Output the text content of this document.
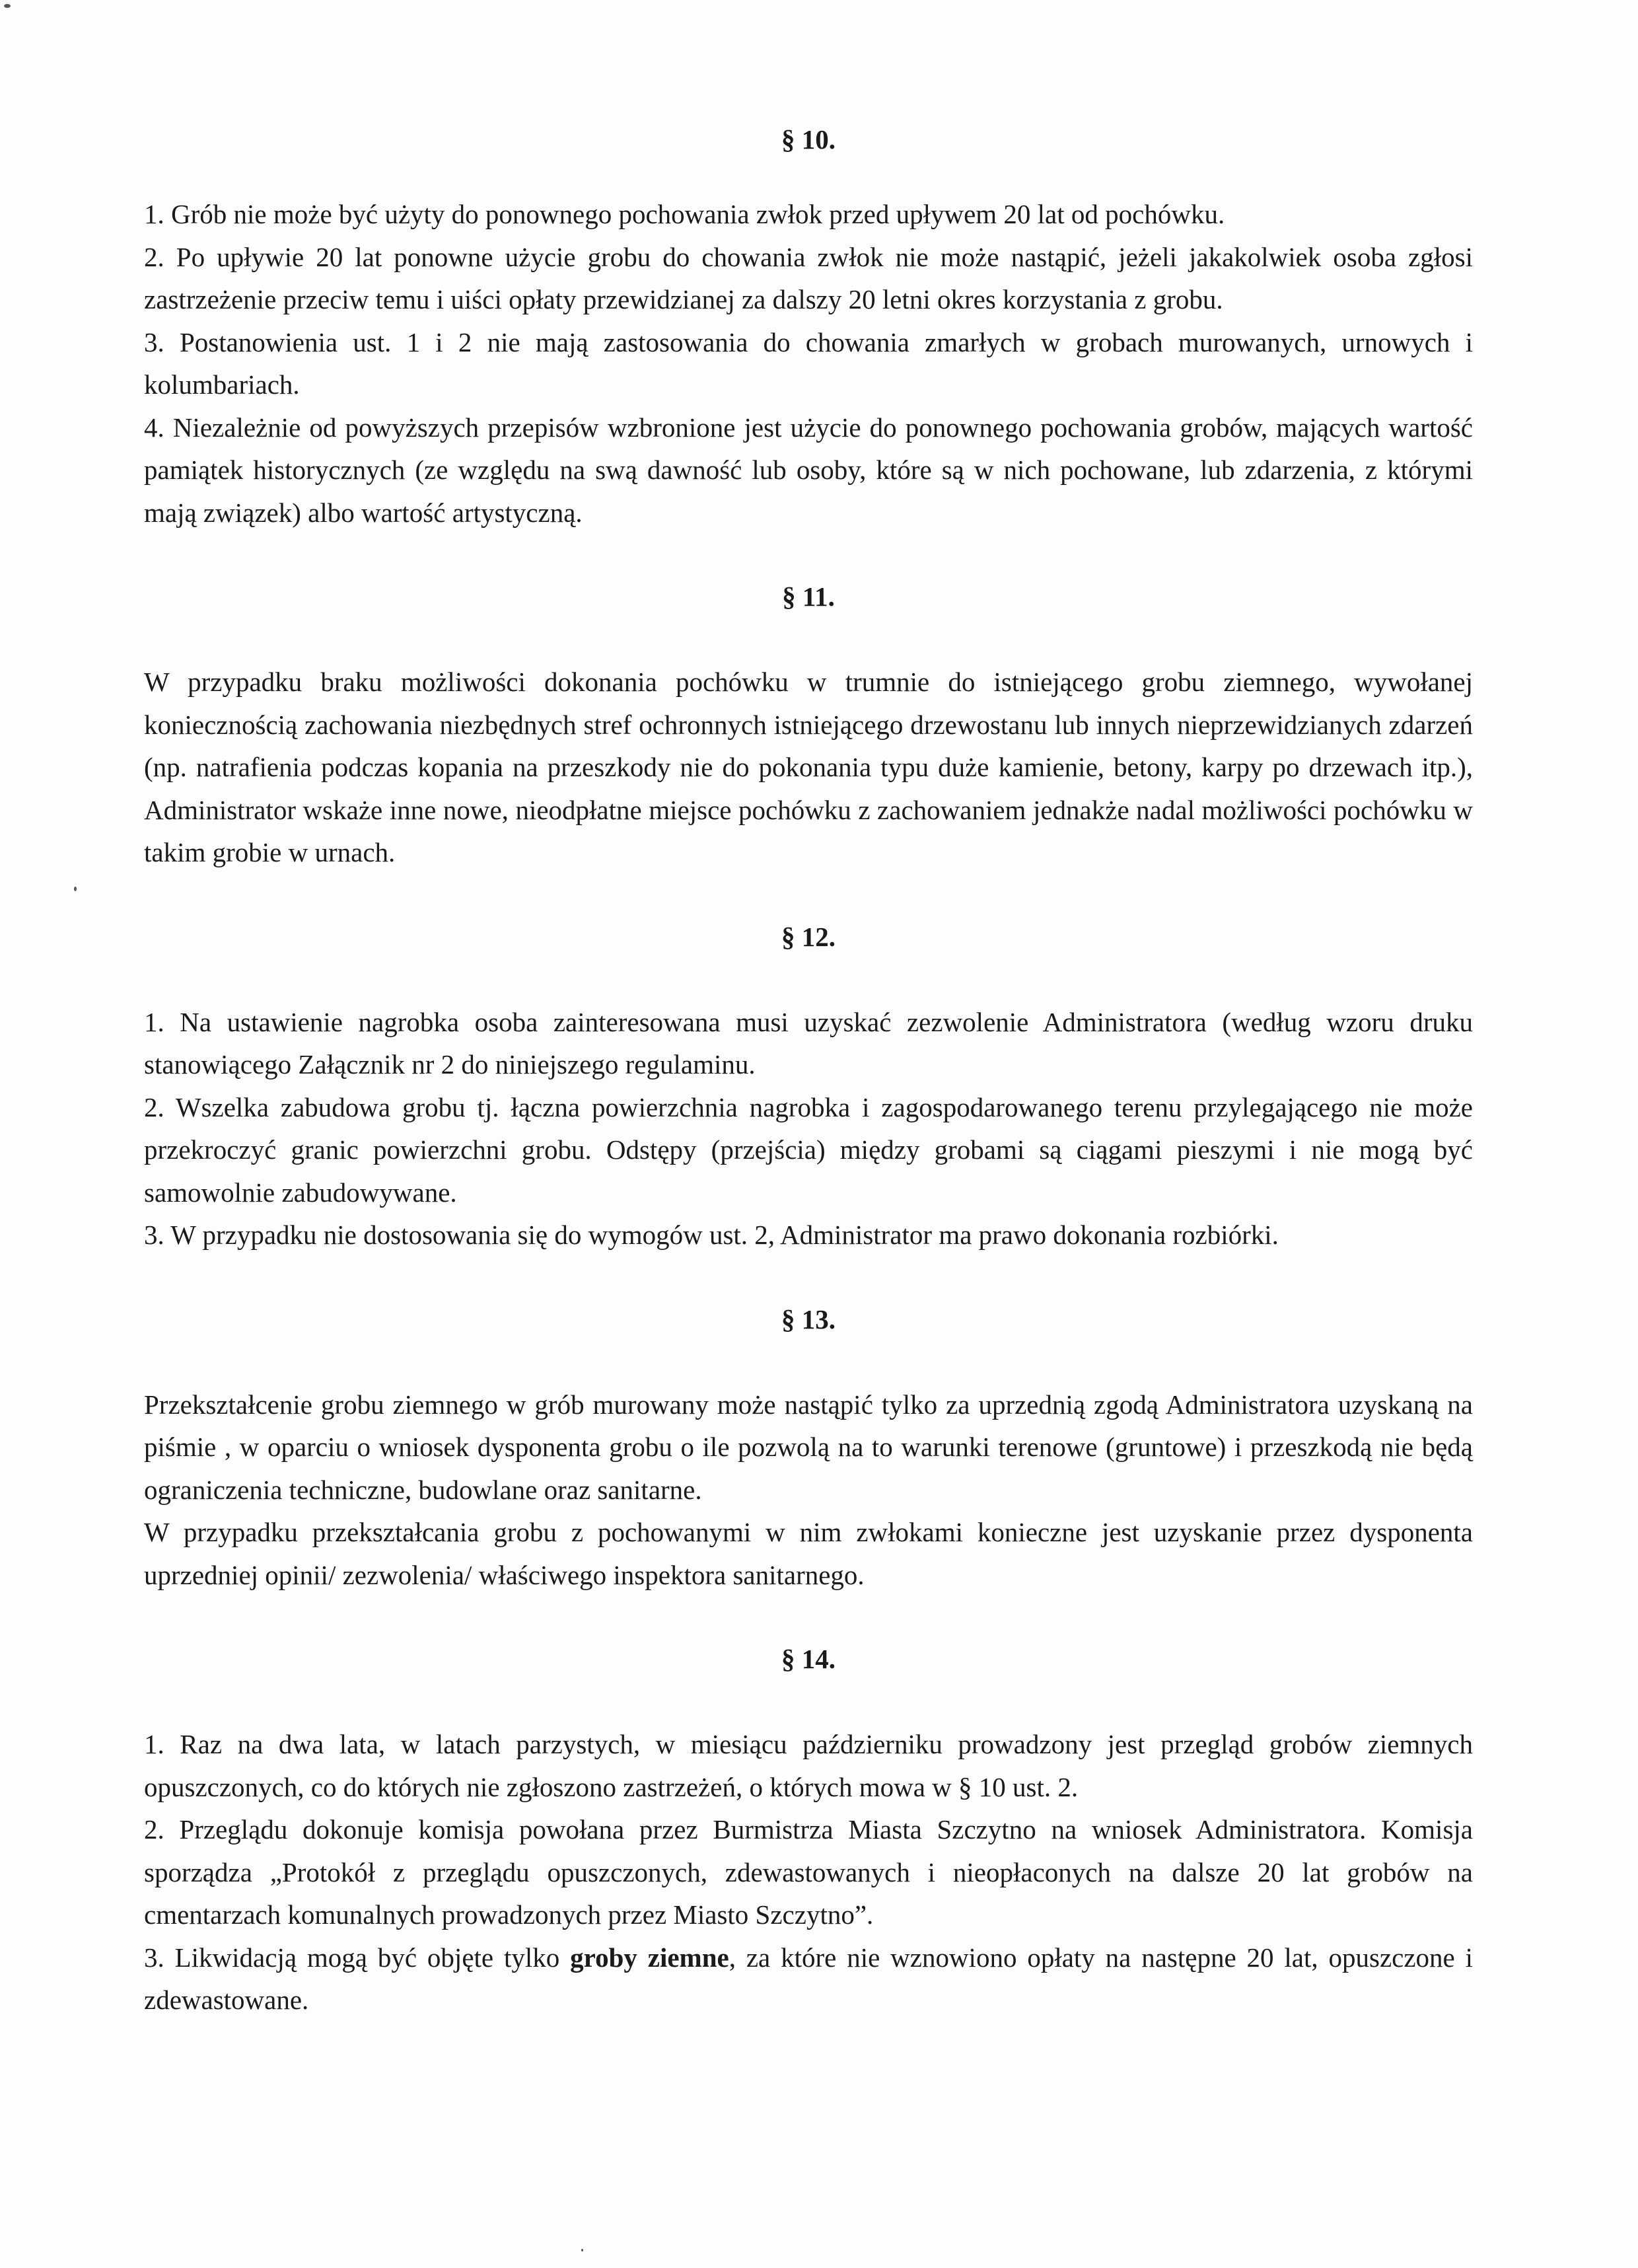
§ 10.

1. Grób nie może być użyty do ponownego pochowania zwłok przed upływem 20 lat od pochówku.

2. Po upływie 20 lat ponowne użycie grobu do chowania zwłok nie może nastąpić, jeżeli jakakolwiek osoba zgłosi zastrzeżenie przeciw temu i uiści opłaty przewidzianej za dalszy 20 letni okres korzystania z grobu.

3. Postanowienia ust. 1 i 2 nie mają zastosowania do chowania zmarłych w grobach murowanych, urnowych i kolumbariach.

4. Niezależnie od powyższych przepisów wzbronione jest użycie do ponownego pochowania grobów, mających wartość pamiątek historycznych (ze względu na swą dawność lub osoby, które są w nich pochowane, lub zdarzenia, z którymi mają związek) albo wartość artystyczną.

§ 11.

W przypadku braku możliwości dokonania pochówku w trumnie do istniejącego grobu ziemnego, wywołanej koniecznością zachowania niezbędnych stref ochronnych istniejącego drzewostanu lub innych nieprzewidzianych zdarzeń (np. natrafienia podczas kopania na przeszkody nie do pokonania typu duże kamienie, betony, karpy po drzewach itp.), Administrator wskaże inne nowe, nieodpłatne miejsce pochówku z zachowaniem jednakże nadal możliwości pochówku w takim grobie w urnach.

§ 12.

1. Na ustawienie nagrobka osoba zainteresowana musi uzyskać zezwolenie Administratora (według wzoru druku stanowiącego Załącznik nr 2 do niniejszego regulaminu.

2. Wszelka zabudowa grobu tj. łączna powierzchnia nagrobka i zagospodarowanego terenu przylegającego nie może przekroczyć granic powierzchni grobu. Odstępy (przejścia) między grobami są ciągami pieszymi i nie mogą być samowolnie zabudowywane.

3. W przypadku nie dostosowania się do wymogów ust. 2, Administrator ma prawo dokonania rozbiórki.

§ 13.

Przekształcenie grobu ziemnego w grób murowany może nastąpić tylko za uprzednią zgodą Administratora uzyskaną na piśmie , w oparciu o wniosek dysponenta grobu o ile pozwolą na to warunki terenowe (gruntowe) i przeszkodą nie będą ograniczenia techniczne, budowlane oraz sanitarne.

W przypadku przekształcania grobu z pochowanymi w nim zwłokami konieczne jest uzyskanie przez dysponenta uprzedniej opinii/ zezwolenia/ właściwego inspektora sanitarnego.

§ 14.

1. Raz na dwa lata, w latach parzystych, w miesiącu październiku prowadzony jest przegląd grobów ziemnych opuszczonych, co do których nie zgłoszono zastrzeżeń, o których mowa w § 10 ust. 2.

2. Przeglądu dokonuje komisja powołana przez Burmistrza Miasta Szczytno na wniosek Administratora. Komisja sporządza „Protokół z przeglądu opuszczonych, zdewastowanych i nieopłaconych na dalsze 20 lat grobów na cmentarzach komunalnych prowadzonych przez Miasto Szczytno”.

3. Likwidacją mogą być objęte tylko groby ziemne, za które nie wznowiono opłaty na następne 20 lat, opuszczone i zdewastowane.
